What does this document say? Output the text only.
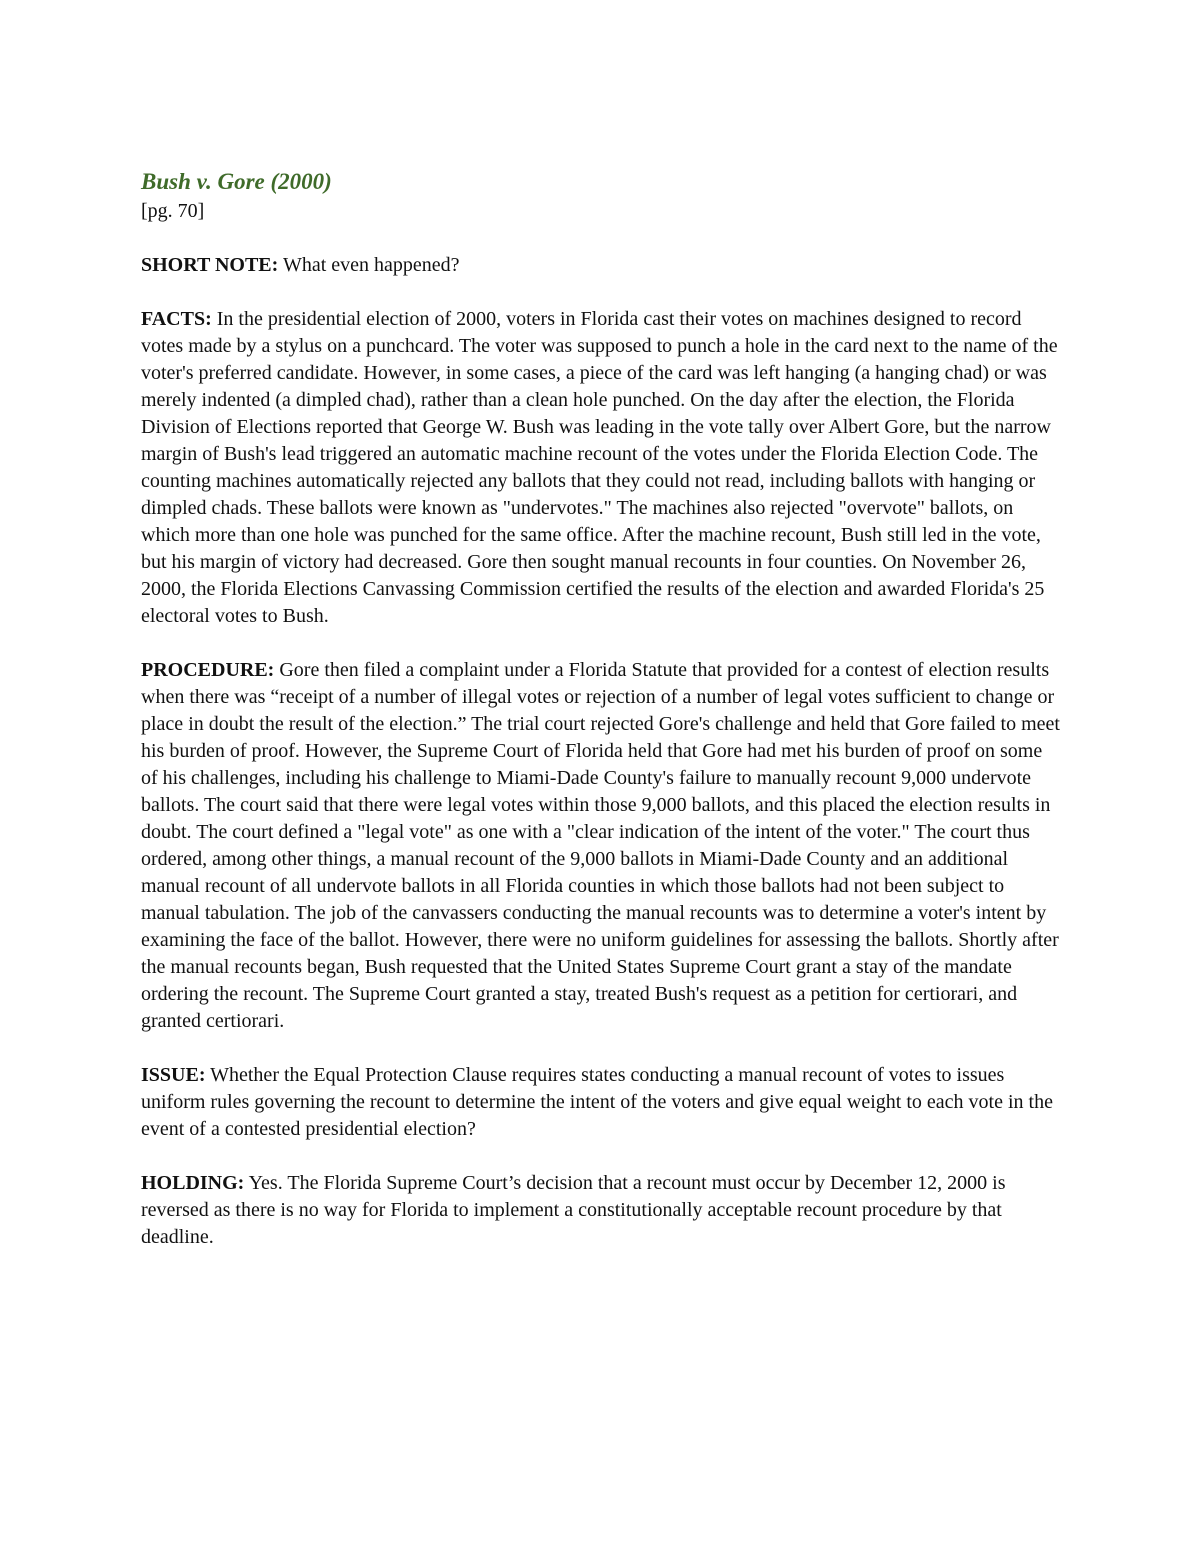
Bush v. Gore (2000)

[pg. 70]

SHORT NOTE: What even happened?

FACTS: In the presidential election of 2000, voters in Florida cast their votes on machines designed to record votes made by a stylus on a punchcard. The voter was supposed to punch a hole in the card next to the name of the voter's preferred candidate. However, in some cases, a piece of the card was left hanging (a hanging chad) or was merely indented (a dimpled chad), rather than a clean hole punched. On the day after the election, the Florida Division of Elections reported that George W. Bush was leading in the vote tally over Albert Gore, but the narrow margin of Bush's lead triggered an automatic machine recount of the votes under the Florida Election Code. The counting machines automatically rejected any ballots that they could not read, including ballots with hanging or dimpled chads. These ballots were known as "undervotes." The machines also rejected "overvote" ballots, on which more than one hole was punched for the same office. After the machine recount, Bush still led in the vote, but his margin of victory had decreased. Gore then sought manual recounts in four counties. On November 26, 2000, the Florida Elections Canvassing Commission certified the results of the election and awarded Florida's 25 electoral votes to Bush.

PROCEDURE: Gore then filed a complaint under a Florida Statute that provided for a contest of election results when there was “receipt of a number of illegal votes or rejection of a number of legal votes sufficient to change or place in doubt the result of the election.” The trial court rejected Gore's challenge and held that Gore failed to meet his burden of proof. However, the Supreme Court of Florida held that Gore had met his burden of proof on some of his challenges, including his challenge to Miami-Dade County's failure to manually recount 9,000 undervote ballots. The court said that there were legal votes within those 9,000 ballots, and this placed the election results in doubt. The court defined a "legal vote" as one with a "clear indication of the intent of the voter." The court thus ordered, among other things, a manual recount of the 9,000 ballots in Miami-Dade County and an additional manual recount of all undervote ballots in all Florida counties in which those ballots had not been subject to manual tabulation. The job of the canvassers conducting the manual recounts was to determine a voter's intent by examining the face of the ballot. However, there were no uniform guidelines for assessing the ballots. Shortly after the manual recounts began, Bush requested that the United States Supreme Court grant a stay of the mandate ordering the recount. The Supreme Court granted a stay, treated Bush's request as a petition for certiorari, and granted certiorari.

ISSUE: Whether the Equal Protection Clause requires states conducting a manual recount of votes to issues uniform rules governing the recount to determine the intent of the voters and give equal weight to each vote in the event of a contested presidential election?

HOLDING: Yes. The Florida Supreme Court’s decision that a recount must occur by December 12, 2000 is reversed as there is no way for Florida to implement a constitutionally acceptable recount procedure by that deadline.
